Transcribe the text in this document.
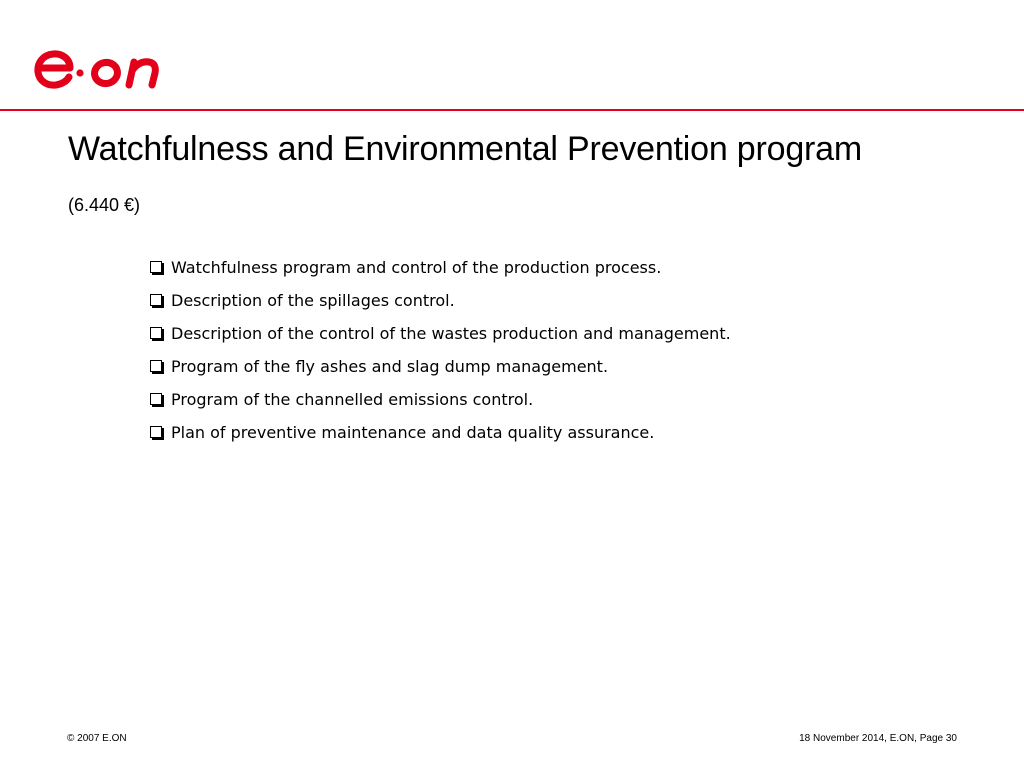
Watchfulness and Environmental Prevention program
(6.440 €)
Watchfulness program and control of the production process.
Description of the spillages control.
Description of the control of the wastes production and management.
Program of the fly ashes and slag dump management.
Program of the channelled emissions control.
Plan of preventive maintenance and data quality assurance.
© 2007 E.ON	18 November 2014, E.ON, Page 30
